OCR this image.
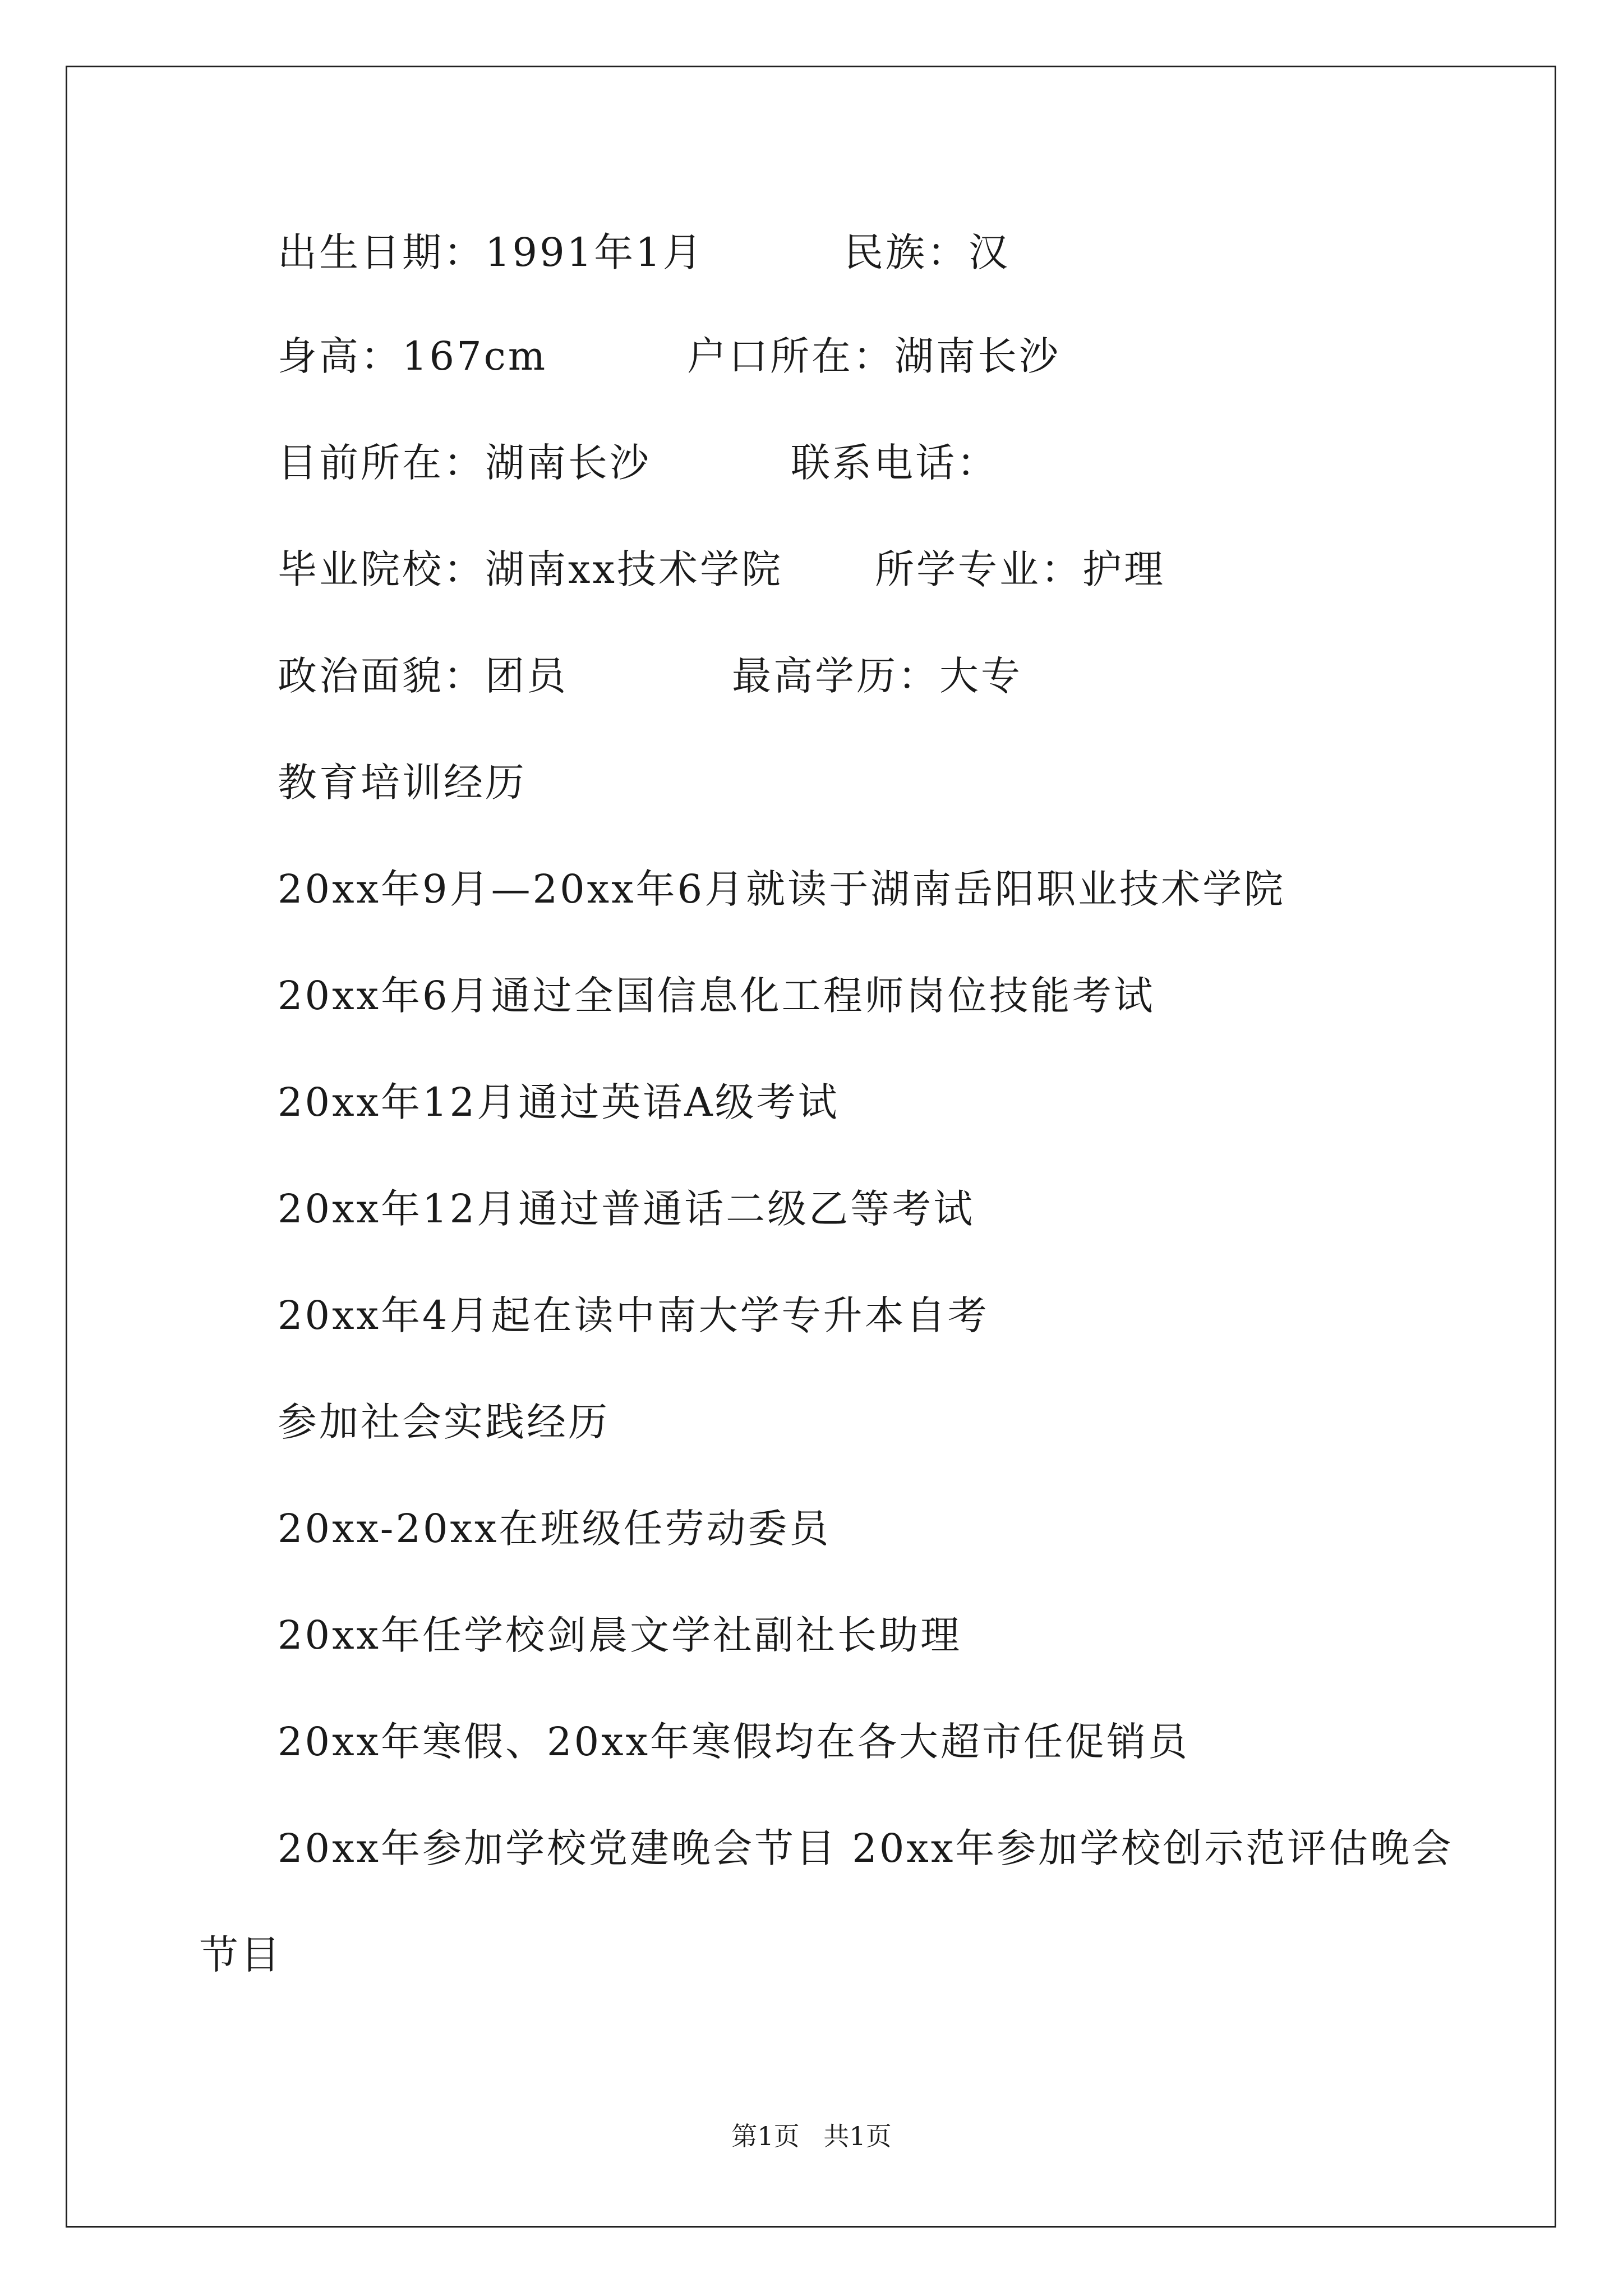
出生日期：1991年1月	民族：汉
身高：167cm	户口所在：湖南长沙
目前所在：湖南长沙	联系电话：
毕业院校：湖南xx技术学院 所学专业：护理
政治面貌：团员	最高学历：大专
教育培训经历
20xx年9月—20xx年6月就读于湖南岳阳职业技术学院
20xx年6月通过全国信息化工程师岗位技能考试
20xx年12月通过英语A级考试
20xx年12月通过普通话二级乙等考试
20xx年4月起在读中南大学专升本自考
参加社会实践经历
20xx-20xx在班级任劳动委员
20xx年任学校剑晨文学社副社长助理
20xx年寒假、20xx年寒假均在各大超市任促销员
20xx年参加学校党建晚会节目 20xx年参加学校创示范评估晚会
节目
第1页 共1页
